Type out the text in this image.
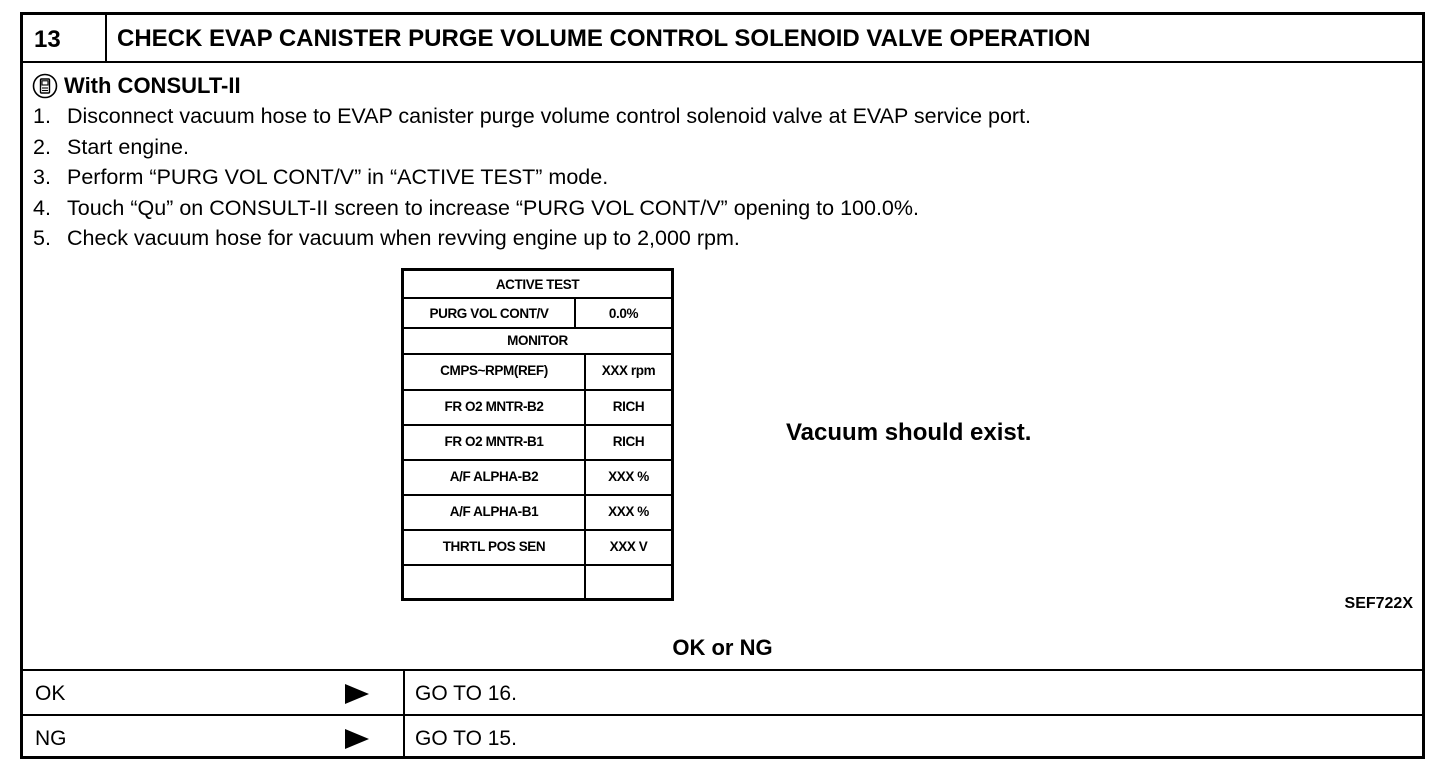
13	CHECK EVAP CANISTER PURGE VOLUME CONTROL SOLENOID VALVE OPERATION
With CONSULT-II
1. Disconnect vacuum hose to EVAP canister purge volume control solenoid valve at EVAP service port.
2. Start engine.
3. Perform “PURG VOL CONT/V” in “ACTIVE TEST” mode.
4. Touch “Qu” on CONSULT-II screen to increase “PURG VOL CONT/V” opening to 100.0%.
5. Check vacuum hose for vacuum when revving engine up to 2,000 rpm.
ACTIVE TEST
PURG VOL CONT/V	0.0%
MONITOR
CMPS~RPM(REF)	XXX rpm
FR O2 MNTR-B2	RICH
FR O2 MNTR-B1	RICH
A/F ALPHA-B2	XXX %
A/F ALPHA-B1	XXX %
THRTL POS SEN	XXX V
Vacuum should exist.
SEF722X
OK or NG
OK	GO TO 16.
NG	GO TO 15.
